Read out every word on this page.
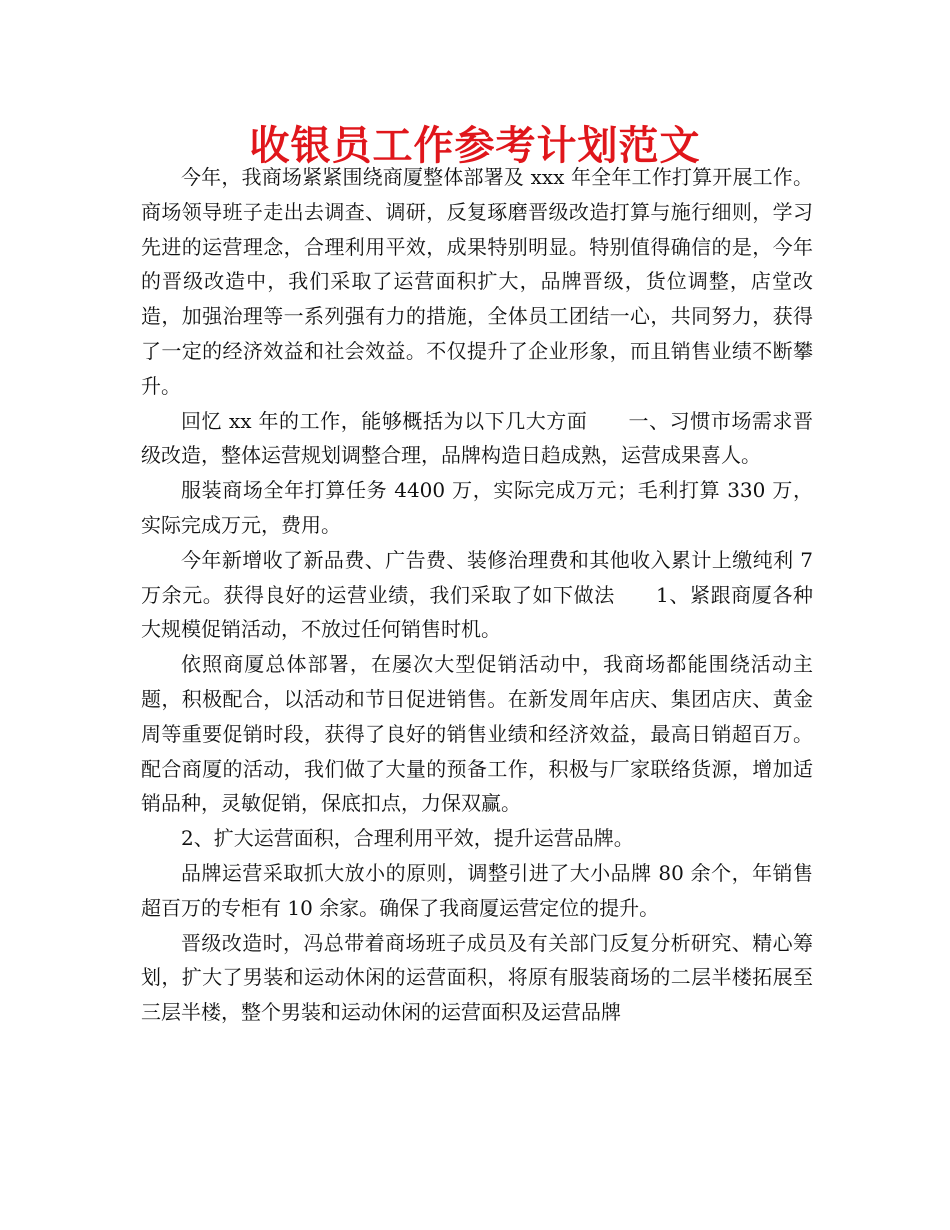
收银员工作参考计划范文

今年，我商场紧紧围绕商厦整体部署及 xxx 年全年工作打算开展工作。商场领导班子走出去调查、调研，反复琢磨晋级改造打算与施行细则，学习先进的运营理念，合理利用平效，成果特别明显。特别值得确信的是，今年的晋级改造中，我们采取了运营面积扩大，品牌晋级，货位调整，店堂改造，加强治理等一系列强有力的措施，全体员工团结一心，共同努力，获得了一定的经济效益和社会效益。不仅提升了企业形象，而且销售业绩不断攀升。

回忆 xx 年的工作，能够概括为以下几大方面　　一、习惯市场需求晋级改造，整体运营规划调整合理，品牌构造日趋成熟，运营成果喜人。

服装商场全年打算任务 4400 万，实际完成万元；毛利打算 330 万，实际完成万元，费用。

今年新增收了新品费、广告费、装修治理费和其他收入累计上缴纯利 7 万余元。获得良好的运营业绩，我们采取了如下做法　　1、紧跟商厦各种大规模促销活动，不放过任何销售时机。

依照商厦总体部署，在屡次大型促销活动中，我商场都能围绕活动主题，积极配合，以活动和节日促进销售。在新发周年店庆、集团店庆、黄金周等重要促销时段，获得了良好的销售业绩和经济效益，最高日销超百万。配合商厦的活动，我们做了大量的预备工作，积极与厂家联络货源，增加适销品种，灵敏促销，保底扣点，力保双赢。

2、扩大运营面积，合理利用平效，提升运营品牌。

品牌运营采取抓大放小的原则，调整引进了大小品牌 80 余个，年销售超百万的专柜有 10 余家。确保了我商厦运营定位的提升。

晋级改造时，冯总带着商场班子成员及有关部门反复分析研究、精心筹划，扩大了男装和运动休闲的运营面积，将原有服装商场的二层半楼拓展至三层半楼，整个男装和运动休闲的运营面积及运营品牌
